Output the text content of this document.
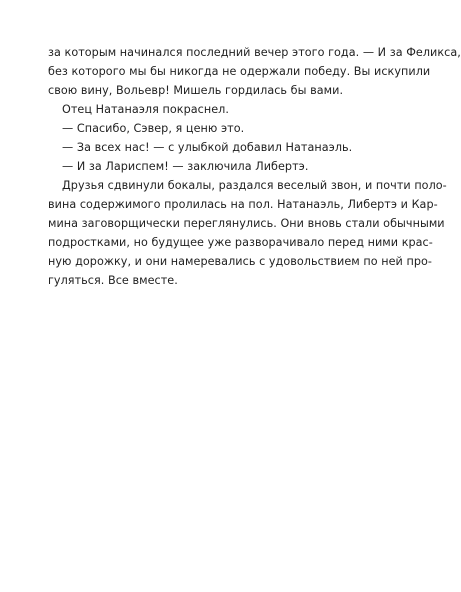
за которым начинался последний вечер этого года. — И за Феликса,
без которого мы бы никогда не одержали победу. Вы искупили
свою вину, Вольевр! Мишель гордилась бы вами.
Отец Натанаэля покраснел.
— Спасибо, Сэвер, я ценю это.
— За всех нас! — с улыбкой добавил Натанаэль.
— И за Лариспем! — заключила Либертэ.
Друзья сдвинули бокалы, раздался веселый звон, и почти поло-
вина содержимого пролилась на пол. Натанаэль, Либертэ и Кар-
мина заговорщически переглянулись. Они вновь стали обычными
подростками, но будущее уже разворачивало перед ними крас-
ную дорожку, и они намеревались с удовольствием по ней про-
гуляться. Все вместе.
